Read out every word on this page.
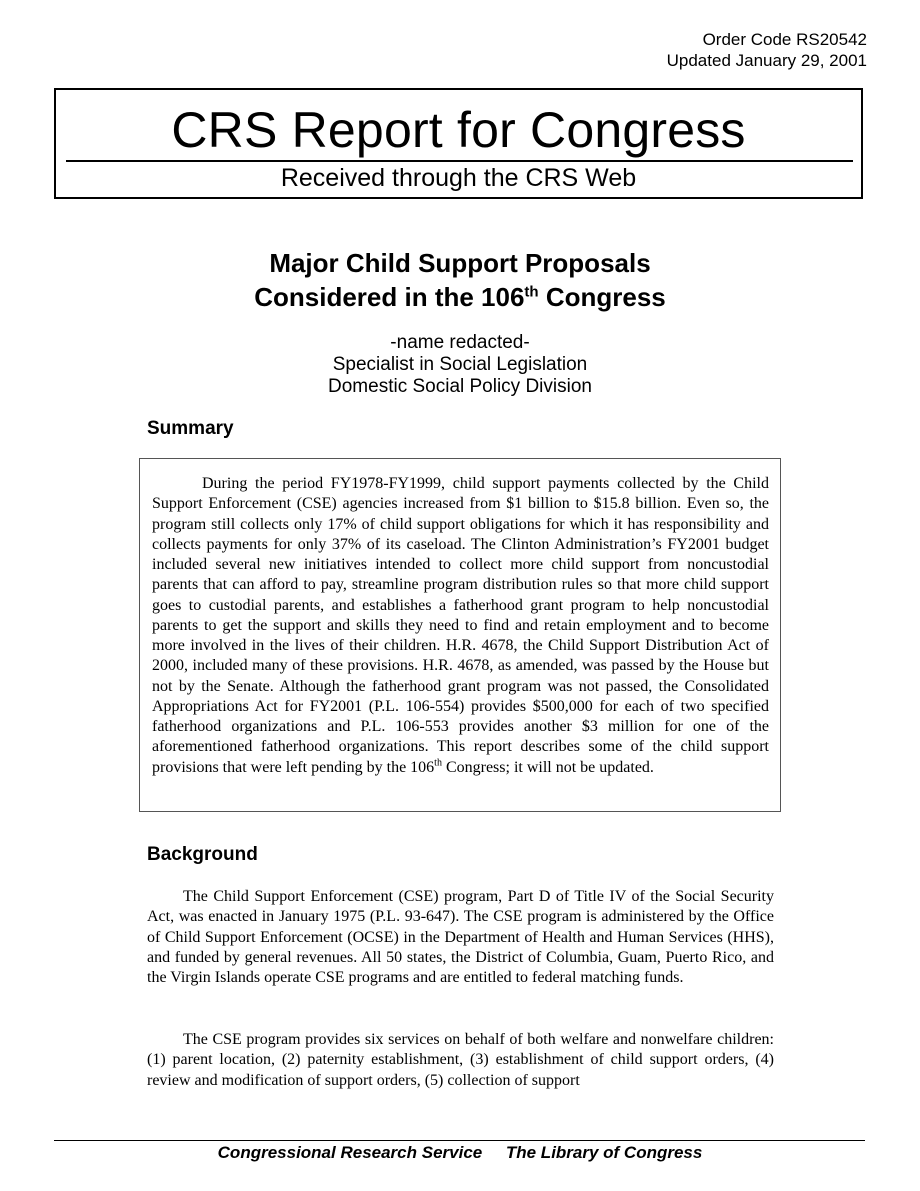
Order Code RS20542
Updated January 29, 2001
CRS Report for Congress
Received through the CRS Web
Major Child Support Proposals
Considered in the 106th Congress
-name redacted-
Specialist in Social Legislation
Domestic Social Policy Division
Summary

During the period FY1978-FY1999, child support payments collected by the Child Support Enforcement (CSE) agencies increased from $1 billion to $15.8 billion. Even so, the program still collects only 17% of child support obligations for which it has responsibility and collects payments for only 37% of its caseload. The Clinton Administration’s FY2001 budget included several new initiatives intended to collect more child support from noncustodial parents that can afford to pay, streamline program distribution rules so that more child support goes to custodial parents, and establishes a fatherhood grant program to help noncustodial parents to get the support and skills they need to find and retain employment and to become more involved in the lives of their children. H.R. 4678, the Child Support Distribution Act of 2000, included many of these provisions. H.R. 4678, as amended, was passed by the House but not by the Senate. Although the fatherhood grant program was not passed, the Consolidated Appropriations Act for FY2001 (P.L. 106-554) provides $500,000 for each of two specified fatherhood organizations and P.L. 106-553 provides another $3 million for one of the aforementioned fatherhood organizations. This report describes some of the child support provisions that were left pending by the 106th Congress; it will not be updated.

Background

The Child Support Enforcement (CSE) program, Part D of Title IV of the Social Security Act, was enacted in January 1975 (P.L. 93-647). The CSE program is administered by the Office of Child Support Enforcement (OCSE) in the Department of Health and Human Services (HHS), and funded by general revenues. All 50 states, the District of Columbia, Guam, Puerto Rico, and the Virgin Islands operate CSE programs and are entitled to federal matching funds.

The CSE program provides six services on behalf of both welfare and nonwelfare children: (1) parent location, (2) paternity establishment, (3) establishment of child support orders, (4) review and modification of support orders, (5) collection of support

Congressional Research Service The Library of Congress
